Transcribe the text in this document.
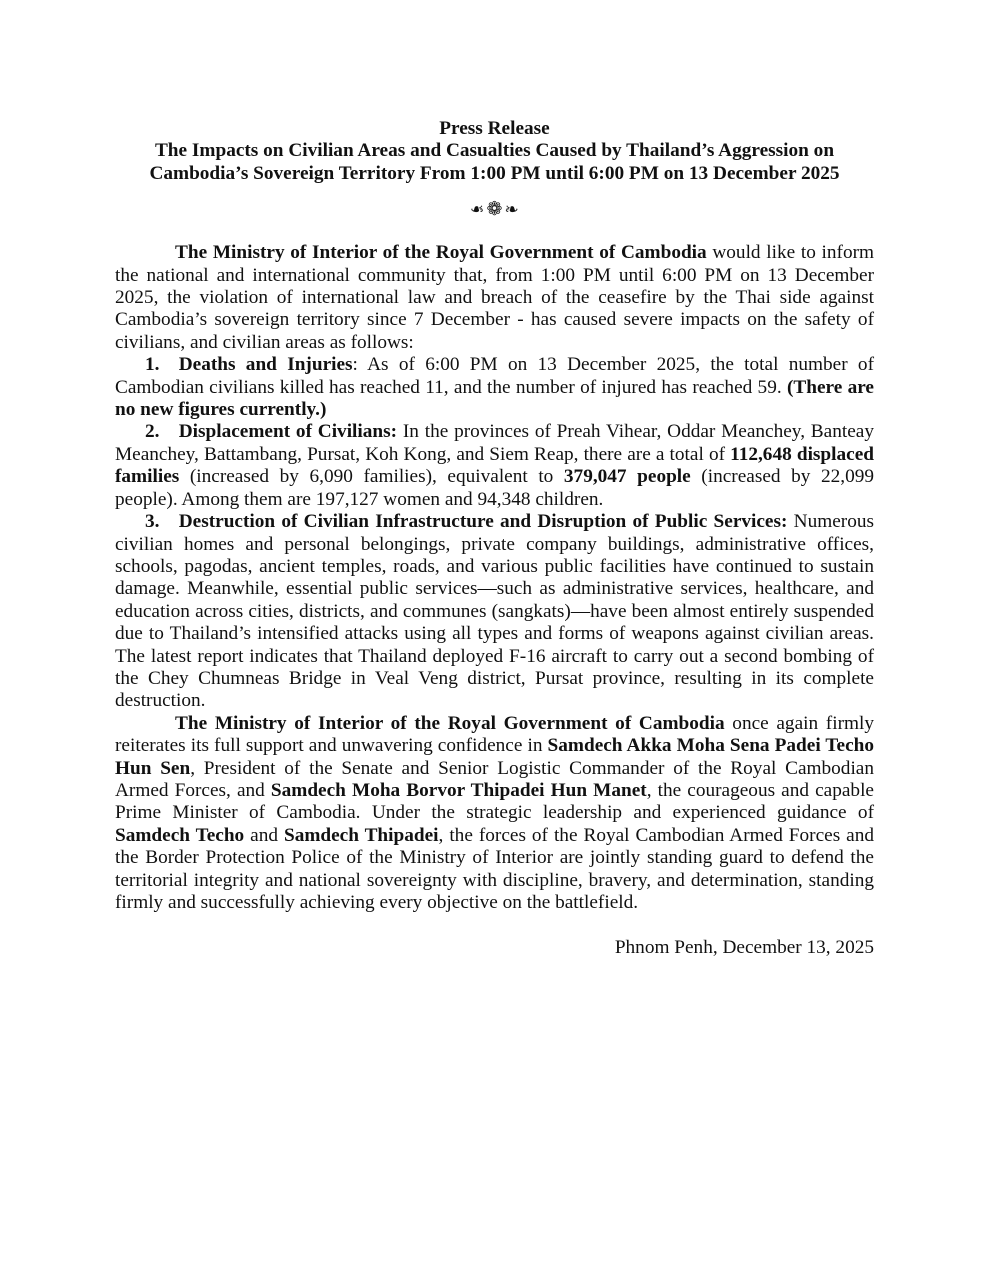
Press Release
The Impacts on Civilian Areas and Casualties Caused by Thailand’s Aggression on
Cambodia’s Sovereign Territory From 1:00 PM until 6:00 PM on 13 December 2025
❧ ❁ ❧

The Ministry of Interior of the Royal Government of Cambodia would like to inform the national and international community that, from 1:00 PM until 6:00 PM on 13 December 2025, the violation of international law and breach of the ceasefire by the Thai side against Cambodia’s sovereign territory since 7 December - has caused severe impacts on the safety of civilians, and civilian areas as follows:

1. Deaths and Injuries: As of 6:00 PM on 13 December 2025, the total number of Cambodian civilians killed has reached 11, and the number of injured has reached 59. (There are no new figures currently.)

2. Displacement of Civilians: In the provinces of Preah Vihear, Oddar Meanchey, Banteay Meanchey, Battambang, Pursat, Koh Kong, and Siem Reap, there are a total of 112,648 displaced families (increased by 6,090 families), equivalent to 379,047 people (increased by 22,099 people). Among them are 197,127 women and 94,348 children.

3. Destruction of Civilian Infrastructure and Disruption of Public Services: Numerous civilian homes and personal belongings, private company buildings, administrative offices, schools, pagodas, ancient temples, roads, and various public facilities have continued to sustain damage. Meanwhile, essential public services—such as administrative services, healthcare, and education across cities, districts, and communes (sangkats)—have been almost entirely suspended due to Thailand’s intensified attacks using all types and forms of weapons against civilian areas. The latest report indicates that Thailand deployed F-16 aircraft to carry out a second bombing of the Chey Chumneas Bridge in Veal Veng district, Pursat province, resulting in its complete destruction.

The Ministry of Interior of the Royal Government of Cambodia once again firmly reiterates its full support and unwavering confidence in Samdech Akka Moha Sena Padei Techo Hun Sen, President of the Senate and Senior Logistic Commander of the Royal Cambodian Armed Forces, and Samdech Moha Borvor Thipadei Hun Manet, the courageous and capable Prime Minister of Cambodia. Under the strategic leadership and experienced guidance of Samdech Techo and Samdech Thipadei, the forces of the Royal Cambodian Armed Forces and the Border Protection Police of the Ministry of Interior are jointly standing guard to defend the territorial integrity and national sovereignty with discipline, bravery, and determination, standing firmly and successfully achieving every objective on the battlefield.

Phnom Penh, December 13, 2025
